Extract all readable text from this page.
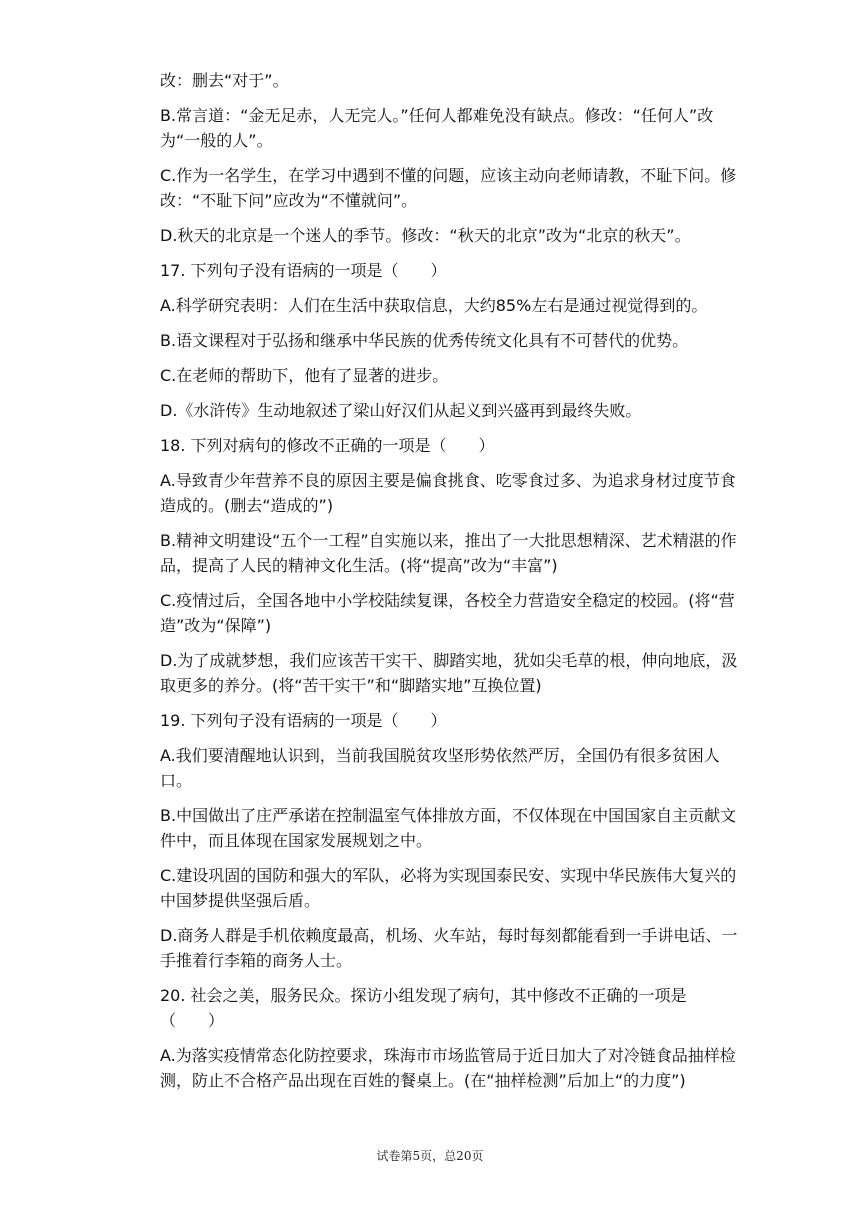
改：删去“对于”。

B.常言道：“金无足赤，人无完人。”任何人都难免没有缺点。修改：“任何人”改为“一般的人”。

C.作为一名学生，在学习中遇到不懂的问题，应该主动向老师请教，不耻下问。修改：“不耻下问”应改为“不懂就问”。

D.秋天的北京是一个迷人的季节。修改：“秋天的北京”改为“北京的秋天”。

17. 下列句子没有语病的一项是（　　）

A.科学研究表明：人们在生活中获取信息，大约85%左右是通过视觉得到的。

B.语文课程对于弘扬和继承中华民族的优秀传统文化具有不可替代的优势。

C.在老师的帮助下，他有了显著的进步。

D.《水浒传》生动地叙述了梁山好汉们从起义到兴盛再到最终失败。

18. 下列对病句的修改不正确的一项是（　　）

A.导致青少年营养不良的原因主要是偏食挑食、吃零食过多、为追求身材过度节食造成的。(删去“造成的”)

B.精神文明建设“五个一工程”自实施以来，推出了一大批思想精深、艺术精湛的作品，提高了人民的精神文化生活。(将“提高”改为“丰富”)

C.疫情过后，全国各地中小学校陆续复课，各校全力营造安全稳定的校园。(将“营造”改为“保障”)

D.为了成就梦想，我们应该苦干实干、脚踏实地，犹如尖毛草的根，伸向地底，汲取更多的养分。(将“苦干实干”和“脚踏实地”互换位置)

19. 下列句子没有语病的一项是（　　）

A.我们要清醒地认识到，当前我国脱贫攻坚形势依然严厉，全国仍有很多贫困人口。

B.中国做出了庄严承诺在控制温室气体排放方面，不仅体现在中国国家自主贡献文件中，而且体现在国家发展规划之中。

C.建设巩固的国防和强大的军队，必将为实现国泰民安、实现中华民族伟大复兴的中国梦提供坚强后盾。

D.商务人群是手机依赖度最高，机场、火车站，每时每刻都能看到一手讲电话、一手推着行李箱的商务人士。

20. 社会之美，服务民众。探访小组发现了病句，其中修改不正确的一项是（　　）

A.为落实疫情常态化防控要求，珠海市市场监管局于近日加大了对冷链食品抽样检测，防止不合格产品出现在百姓的餐桌上。(在“抽样检测”后加上“的力度”)

试卷第5页，总20页
